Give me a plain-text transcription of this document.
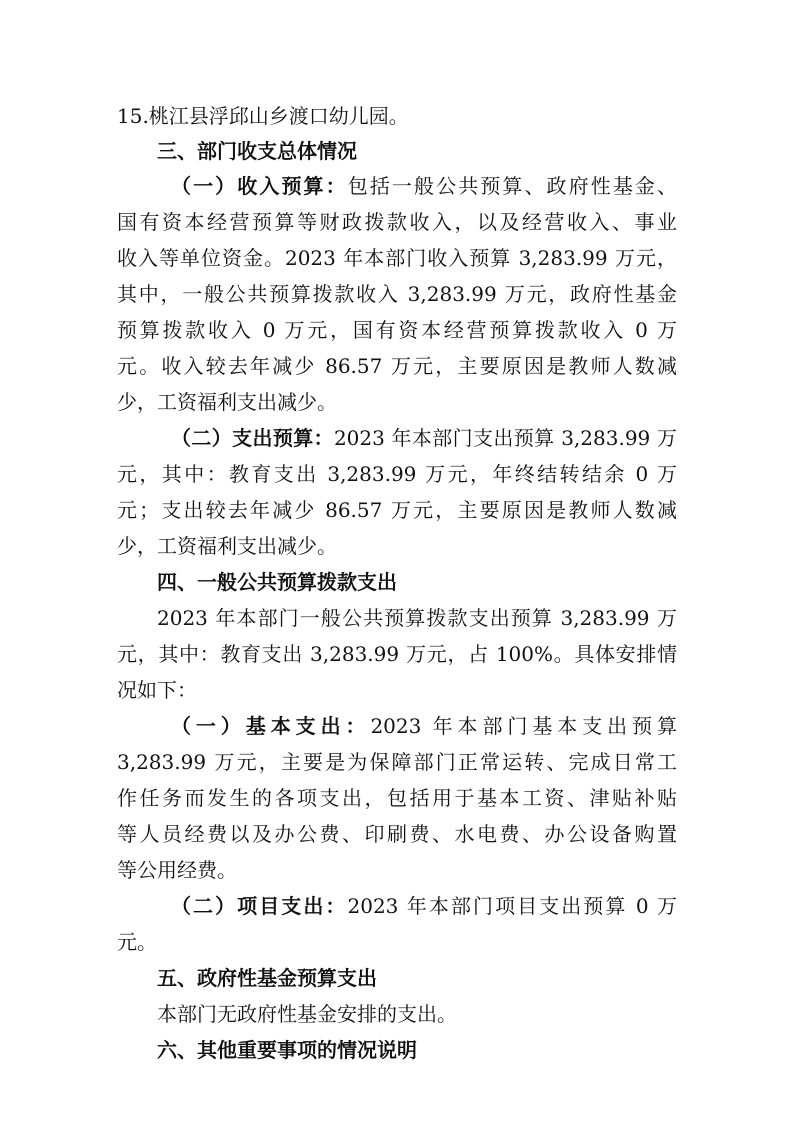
15.桃江县浮邱山乡渡口幼儿园。
三、部门收支总体情况
（一）收入预算：包括一般公共预算、政府性基金、
国有资本经营预算等财政拨款收入，以及经营收入、事业
收入等单位资金。2023 年本部门收入预算 3,283.99 万元，
其中，一般公共预算拨款收入 3,283.99 万元，政府性基金
预算拨款收入 0 万元，国有资本经营预算拨款收入 0 万
元。收入较去年减少 86.57 万元，主要原因是教师人数减
少，工资福利支出减少。
（二）支出预算：2023 年本部门支出预算 3,283.99 万
元，其中：教育支出 3,283.99 万元，年终结转结余 0 万
元；支出较去年减少 86.57 万元，主要原因是教师人数减
少，工资福利支出减少。
四、一般公共预算拨款支出
2023 年本部门一般公共预算拨款支出预算 3,283.99 万
元，其中：教育支出 3,283.99 万元，占 100%。具体安排情
况如下：
（一）基本支出：2023 年本部门基本支出预算
3,283.99 万元，主要是为保障部门正常运转、完成日常工
作任务而发生的各项支出，包括用于基本工资、津贴补贴
等人员经费以及办公费、印刷费、水电费、办公设备购置
等公用经费。
（二）项目支出：2023 年本部门项目支出预算 0 万
元。
五、政府性基金预算支出
本部门无政府性基金安排的支出。
六、其他重要事项的情况说明
